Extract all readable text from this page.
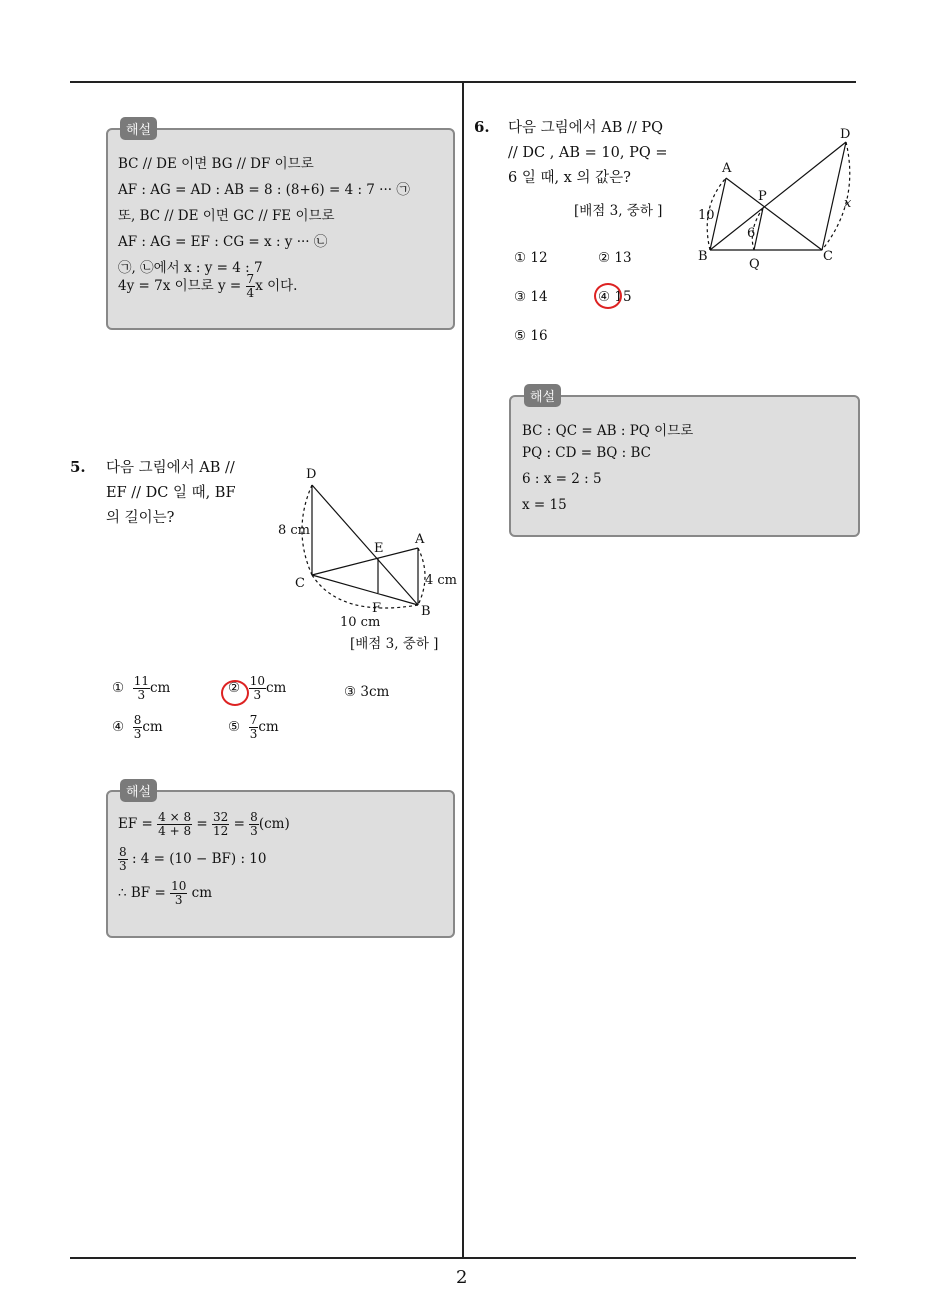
2
해설
BC // DE 이면 BG // DF 이므로
AF : AG = AD : AB = 8 : (8+6) = 4 : 7 ··· ㉠
또, BC // DE 이면 GC // FE 이므로
AF : AG = EF : CG = x : y ··· ㉡
㉠, ㉡에서 x : y = 4 : 7
4y = 7x 이므로 $y = \frac{7}{4}$ x 이다.
5. 다음 그림에서 AB //
EF // DC 일 때, BF
의 길이는?
D
A
E
C
F	B
8 cm
4 cm
10 cm
[배점 3, 중하 ]
① $\frac{11}{3}$ cm	② $\frac{10}{3}$ cm	③ 3cm
④ $\frac{8}{3}$ cm	⑤ $\frac{7}{3}$ cm
해설
EF = $\frac{4 \times 8}{4 + 8} = \frac{32}{12} = \frac{8}{3} (cm)$
$\frac{8}{3}$ : 4 = (10 − BF) : 10
∴ BF = $\frac{10}{3}$ cm
6. 다음 그림에서 AB // PQ
// DC , AB = 10, PQ =
6 일 때, x 의 값은?
[배점 3, 중하 ]
D
A
P
B
Q
C
10
6
x
① 12	② 13
③ 14	④ 15
⑤ 16
해설
BC : QC = AB : PQ 이므로
PQ : CD = BQ : BC
6 : x = 2 : 5
x = 15
